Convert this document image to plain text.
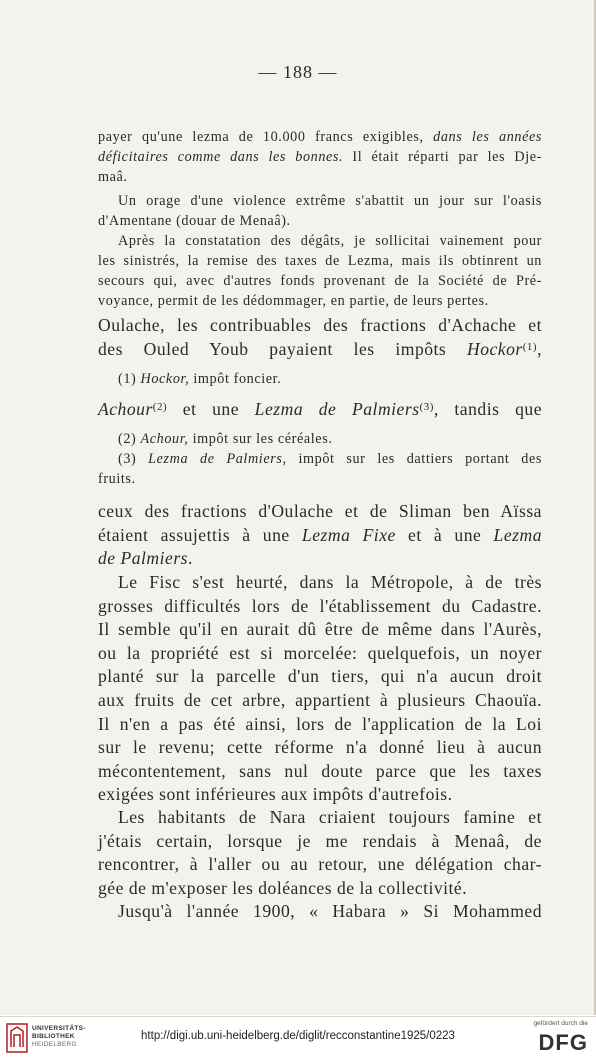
— 188 —

payer qu'une lezma de 10.000 francs exigibles, dans les années

déficitaires comme dans les bonnes. Il était réparti par les Dje-

maâ.

Un orage d'une violence extrême s'abattit un jour sur l'oasis

d'Amentane (douar de Menaâ).

Après la constatation des dégâts, je sollicitai vainement pour

les sinistrés, la remise des taxes de Lezma, mais ils obtinrent un

secours qui, avec d'autres fonds provenant de la Société de Pré-

voyance, permit de les dédommager, en partie, de leurs pertes.

Oulache, les contribuables des fractions d'Achache et

des Ouled Youb payaient les impôts Hockor$^{(1)}$,

(1) Hockor, impôt foncier.

Achour$^{(2)}$ et une Lezma de Palmiers$^{(3)}$, tandis que

(2) Achour, impôt sur les céréales.

(3) Lezma de Palmiers, impôt sur les dattiers portant des

fruits.

ceux des fractions d'Oulache et de Sliman ben Aïssa

étaient assujettis à une Lezma Fixe et à une Lezma

de Palmiers.

Le Fisc s'est heurté, dans la Métropole, à de très

grosses difficultés lors de l'établissement du Cadastre.

Il semble qu'il en aurait dû être de même dans l'Aurès,

ou la propriété est si morcelée: quelquefois, un noyer

planté sur la parcelle d'un tiers, qui n'a aucun droit

aux fruits de cet arbre, appartient à plusieurs Chaouïa.

Il n'en a pas été ainsi, lors de l'application de la Loi

sur le revenu; cette réforme n'a donné lieu à aucun

mécontentement, sans nul doute parce que les taxes

exigées sont inférieures aux impôts d'autrefois.

Les habitants de Nara criaient toujours famine et

j'étais certain, lorsque je me rendais à Menaâ, de

rencontrer, à l'aller ou au retour, une délégation char-

gée de m'exposer les doléances de la collectivité.

Jusqu'à l'année 1900, « Habara » Si Mohammed

UNIVERSITÄTS-
BIBLIOTHEK
HEIDELBERG
http://digi.ub.uni-heidelberg.de/diglit/recconstantine1925/0223
gefördert durch die
DFG
